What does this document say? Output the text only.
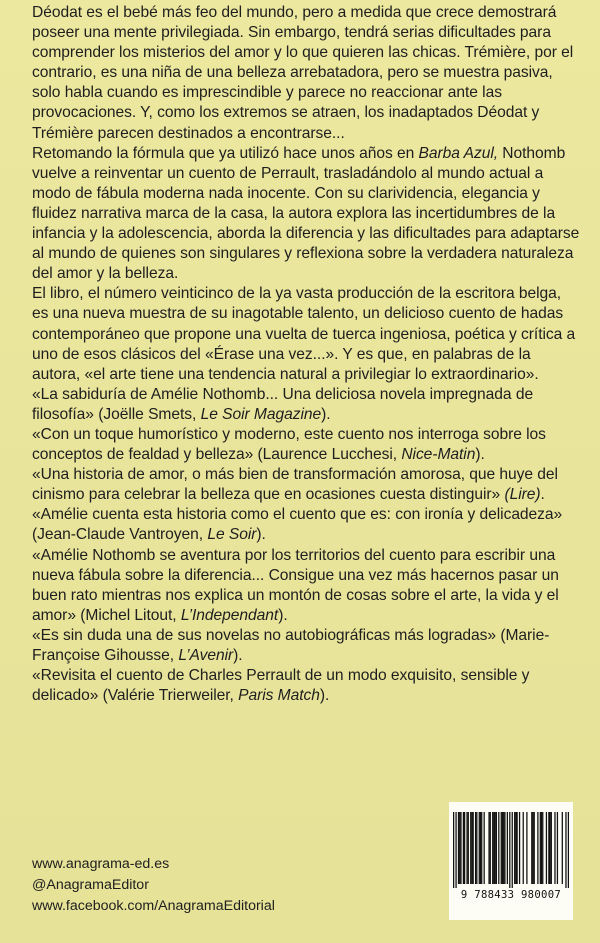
Déodat es el bebé más feo del mundo, pero a medida que crece demostrará poseer una mente privilegiada. Sin embargo, tendrá serias dificultades para comprender los misterios del amor y lo que quieren las chicas. Trémière, por el contrario, es una niña de una belleza arrebatadora, pero se muestra pasiva, solo habla cuando es imprescindible y parece no reaccionar ante las provocaciones. Y, como los extremos se atraen, los inadaptados Déodat y Trémière parecen destinados a encontrarse...

Retomando la fórmula que ya utilizó hace unos años en Barba Azul, Nothomb vuelve a reinventar un cuento de Perrault, trasladándolo al mundo actual a modo de fábula moderna nada inocente. Con su clarividencia, elegancia y fluidez narrativa marca de la casa, la autora explora las incertidumbres de la infancia y la adolescencia, aborda la diferencia y las dificultades para adaptarse al mundo de quienes son singulares y reflexiona sobre la verdadera naturaleza del amor y la belleza.

El libro, el número veinticinco de la ya vasta producción de la escritora belga, es una nueva muestra de su inagotable talento, un delicioso cuento de hadas contemporáneo que propone una vuelta de tuerca ingeniosa, poética y crítica a uno de esos clásicos del «Érase una vez...». Y es que, en palabras de la autora, «el arte tiene una tendencia natural a privilegiar lo extraordinario».

«La sabiduría de Amélie Nothomb... Una deliciosa novela impregnada de filosofía» (Joëlle Smets, Le Soir Magazine).

«Con un toque humorístico y moderno, este cuento nos interroga sobre los conceptos de fealdad y belleza» (Laurence Lucchesi, Nice-Matin).

«Una historia de amor, o más bien de transformación amorosa, que huye del cinismo para celebrar la belleza que en ocasiones cuesta distinguir» (Lire).

«Amélie cuenta esta historia como el cuento que es: con ironía y delicadeza» (Jean-Claude Vantroyen, Le Soir).

«Amélie Nothomb se aventura por los territorios del cuento para escribir una nueva fábula sobre la diferencia... Consigue una vez más hacernos pasar un buen rato mientras nos explica un montón de cosas sobre el arte, la vida y el amor» (Michel Litout, L’Independant).

«Es sin duda una de sus novelas no autobiográficas más logradas» (Marie-Françoise Gihousse, L’Avenir).

«Revisita el cuento de Charles Perrault de un modo exquisito, sensible y delicado» (Valérie Trierweiler, Paris Match).

9 788433 980007
www.anagrama-ed.es
@AnagramaEditor
www.facebook.com/AnagramaEditorial
